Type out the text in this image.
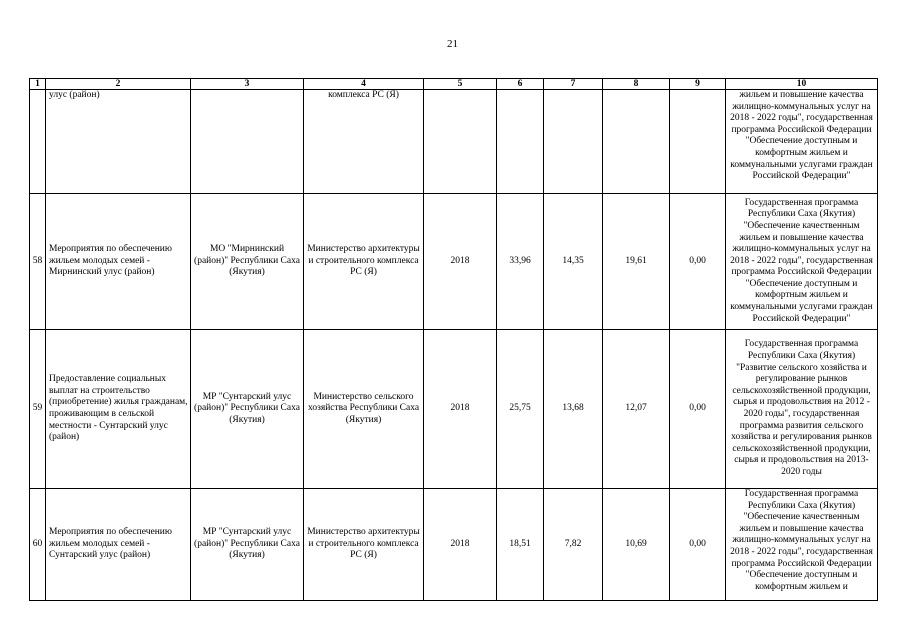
21
1	2	3	4	5	6	7	8	9	10
	улус (район)		комплекса РС (Я)						жильем и повышение качества жилищно-коммунальных услуг на 2018 - 2022 годы", государственная программа Российской Федерации "Обеспечение доступным и комфортным жильем и коммунальными услугами граждан Российской Федерации"
58	Мероприятия по обеспечению жильем молодых семей - Мирнинский улус (район)	МО "Мирнинский (район)" Республики Саха (Якутия)	Министерство архитектуры и строительного комплекса РС (Я)	2018	33,96	14,35	19,61	0,00	Государственная программа Республики Саха (Якутия) "Обеспечение качественным жильем и повышение качества жилищно-коммунальных услуг на 2018 - 2022 годы", государственная программа Российской Федерации "Обеспечение доступным и комфортным жильем и коммунальными услугами граждан Российской Федерации"
59	Предоставление социальных выплат на строительство (приобретение) жилья гражданам, проживающим в сельской местности - Сунтарский улус (район)	МР "Сунтарский улус (район)" Республики Саха (Якутия)	Министерство сельского хозяйства Республики Саха (Якутия)	2018	25,75	13,68	12,07	0,00	Государственная программа Республики Саха (Якутия) "Развитие сельского хозяйства и регулирование рынков сельскохозяйственной продукции, сырья и продовольствия на 2012 - 2020 годы", государственная программа развития сельского хозяйства и регулирования рынков сельскохозяйственной продукции, сырья и продовольствия на 2013-2020 годы
60	Мероприятия по обеспечению жильем молодых семей - Сунтарский улус (район)	МР "Сунтарский улус (район)" Республики Саха (Якутия)	Министерство архитектуры и строительного комплекса РС (Я)	2018	18,51	7,82	10,69	0,00	Государственная программа Республики Саха (Якутия) "Обеспечение качественным жильем и повышение качества жилищно-коммунальных услуг на 2018 - 2022 годы", государственная программа Российской Федерации "Обеспечение доступным и комфортным жильем и
